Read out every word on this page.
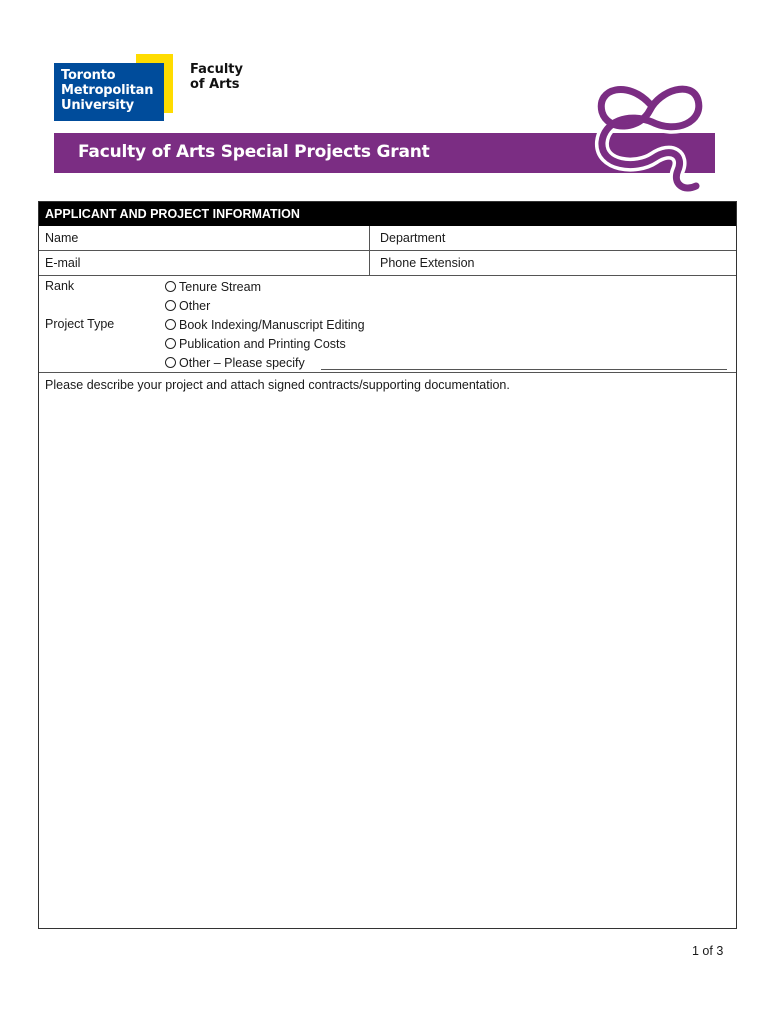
Toronto
Metropolitan
University
Faculty
of Arts
Faculty of Arts Special Projects Grant
APPLICANT AND PROJECT INFORMATION
Name	Department
E-mail	Phone Extension
Rank	Tenure Stream
Other
Project Type	Book Indexing/Manuscript Editing
Publication and Printing Costs
Other – Please specify
Please describe your project and attach signed contracts/supporting documentation.
1 of 3
